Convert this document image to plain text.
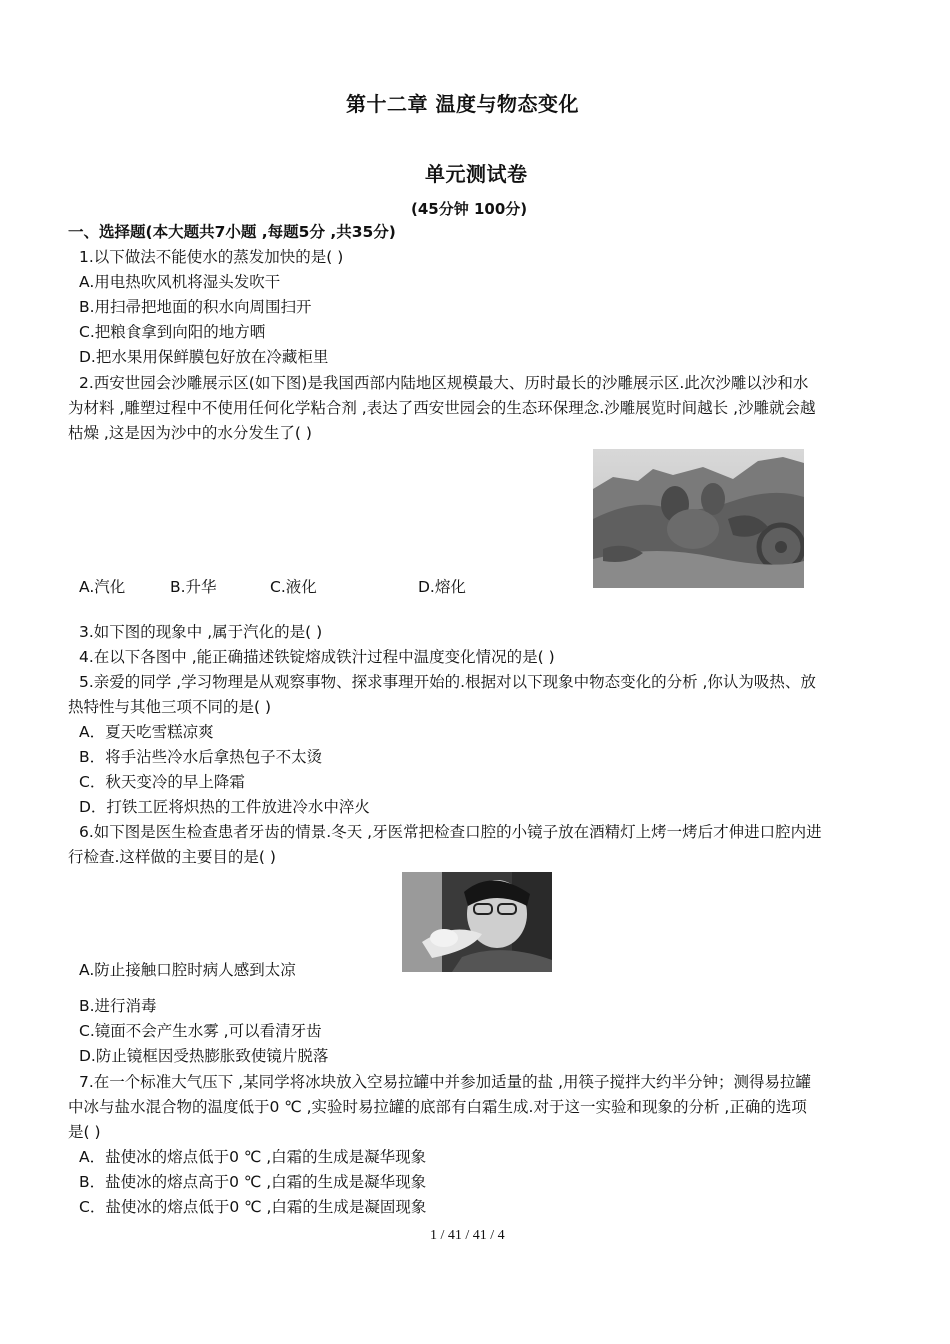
第十二章 温度与物态变化
单元测试卷
(45分钟 100分)
一、选择题(本大题共7小题 ,每题5分 ,共35分)
1.以下做法不能使水的蒸发加快的是( )
A.用电热吹风机将湿头发吹干
B.用扫帚把地面的积水向周围扫开
C.把粮食拿到向阳的地方晒
D.把水果用保鲜膜包好放在冷藏柜里
2.西安世园会沙雕展示区(如下图)是我国西部内陆地区规模最大、历时最长的沙雕展示区.此次沙雕以沙和水
为材料 ,雕塑过程中不使用任何化学粘合剂 ,表达了西安世园会的生态环保理念.沙雕展览时间越长 ,沙雕就会越
枯燥 ,这是因为沙中的水分发生了( )
A.汽化	B.升华	C.液化	D.熔化
3.如下图的现象中 ,属于汽化的是( )
4.在以下各图中 ,能正确描述铁锭熔成铁汁过程中温度变化情况的是( )
5.亲爱的同学 ,学习物理是从观察事物、探求事理开始的.根据对以下现象中物态变化的分析 ,你认为吸热、放
热特性与其他三项不同的是( )
A．夏天吃雪糕凉爽
B．将手沾些冷水后拿热包子不太烫
C．秋天变冷的早上降霜
D．打铁工匠将炽热的工件放进冷水中淬火
6.如下图是医生检查患者牙齿的情景.冬天 ,牙医常把检查口腔的小镜子放在酒精灯上烤一烤后才伸进口腔内进
行检查.这样做的主要目的是( )
A.防止接触口腔时病人感到太凉
B.进行消毒
C.镜面不会产生水雾 ,可以看清牙齿
D.防止镜框因受热膨胀致使镜片脱落
7.在一个标准大气压下 ,某同学将冰块放入空易拉罐中并参加适量的盐 ,用筷子搅拌大约半分钟；测得易拉罐
中冰与盐水混合物的温度低于0 ℃ ,实验时易拉罐的底部有白霜生成.对于这一实验和现象的分析 ,正确的选项
是( )
A．盐使冰的熔点低于0 ℃ ,白霜的生成是凝华现象
B．盐使冰的熔点高于0 ℃ ,白霜的生成是凝华现象
C．盐使冰的熔点低于0 ℃ ,白霜的生成是凝固现象
1 / 41 / 41 / 4
